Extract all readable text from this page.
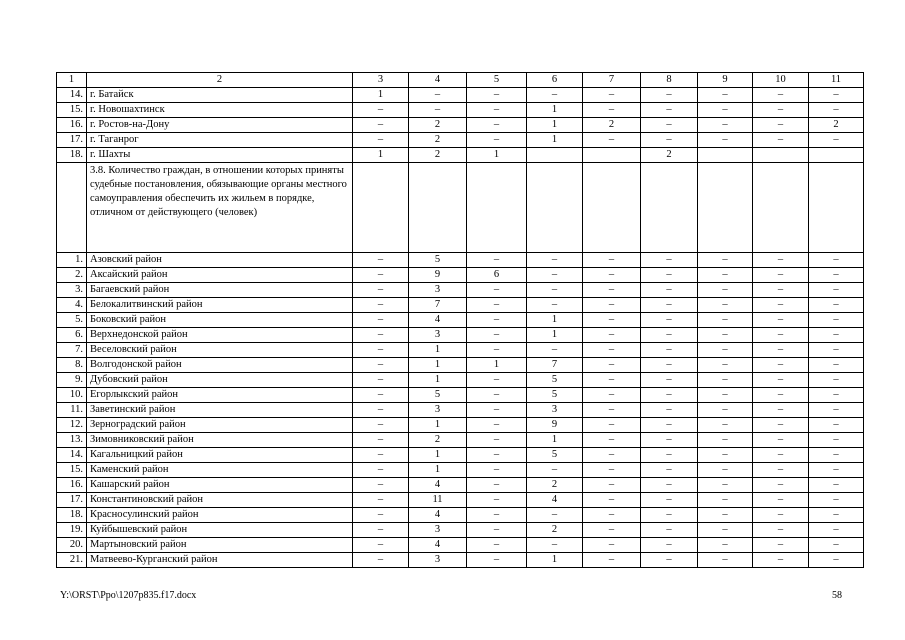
1	2	3	4	5	6	7	8	9	10	11
14.	г. Батайск	1	–	–	–	–	–	–	–	–
15.	г. Новошахтинск	–	–	–	1	–	–	–	–	–
16.	г. Ростов-на-Дону	–	2	–	1	2	–	–	–	2
17.	г. Таганрог	–	2	–	1	–	–	–	–	–
18.	г. Шахты	1	2	1			2			
	3.8. Количество граждан, в отношении которых приняты судебные постановления, обязывающие органы местного самоуправления обеспечить их жильем в порядке, отличном от действующего (человек)									
1.	Азовский район	–	5	–	–	–	–	–	–	–
2.	Аксайский район	–	9	6	–	–	–	–	–	–
3.	Багаевский район	–	3	–	–	–	–	–	–	–
4.	Белокалитвинский район	–	7	–	–	–	–	–	–	–
5.	Боковский район	–	4	–	1	–	–	–	–	–
6.	Верхнедонской район	–	3	–	1	–	–	–	–	–
7.	Веселовский район	–	1	–	–	–	–	–	–	–
8.	Волгодонской район	–	1	1	7	–	–	–	–	–
9.	Дубовский район	–	1	–	5	–	–	–	–	–
10.	Егорлыкский район	–	5	–	5	–	–	–	–	–
11.	Заветинский район	–	3	–	3	–	–	–	–	–
12.	Зерноградский район	–	1	–	9	–	–	–	–	–
13.	Зимовниковский район	–	2	–	1	–	–	–	–	–
14.	Кагальницкий район	–	1	–	5	–	–	–	–	–
15.	Каменский район	–	1	–	–	–	–	–	–	–
16.	Кашарский район	–	4	–	2	–	–	–	–	–
17.	Константиновский район	–	11	–	4	–	–	–	–	–
18.	Красносулинский район	–	4	–	–	–	–	–	–	–
19.	Куйбышевский район	–	3	–	2	–	–	–	–	–
20.	Мартыновский район	–	4	–	–	–	–	–	–	–
21.	Матвеево-Курганский район	–	3	–	1	–	–	–	–	–
Y:\ORST\Ppo\1207p835.f17.docx	58
